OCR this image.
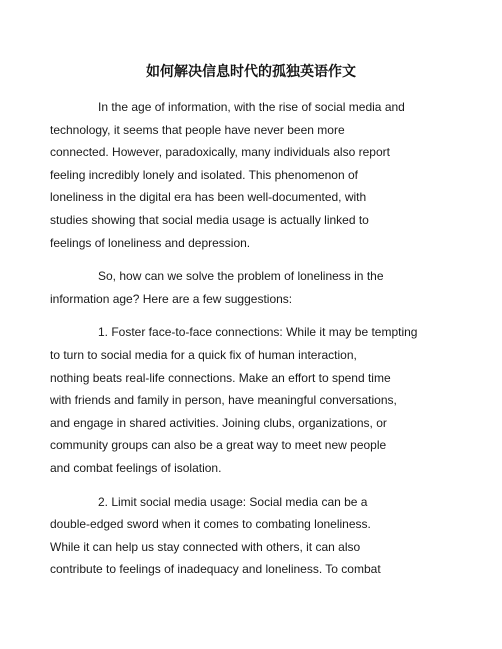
如何解决信息时代的孤独英语作文

In the age of information, with the rise of social media and
technology, it seems that people have never been more
connected. However, paradoxically, many individuals also report
feeling incredibly lonely and isolated. This phenomenon of
loneliness in the digital era has been well-documented, with
studies showing that social media usage is actually linked to
feelings of loneliness and depression.

So, how can we solve the problem of loneliness in the
information age? Here are a few suggestions:

1. Foster face-to-face connections: While it may be tempting
to turn to social media for a quick fix of human interaction,
nothing beats real-life connections. Make an effort to spend time
with friends and family in person, have meaningful conversations,
and engage in shared activities. Joining clubs, organizations, or
community groups can also be a great way to meet new people
and combat feelings of isolation.

2. Limit social media usage: Social media can be a
double-edged sword when it comes to combating loneliness.
While it can help us stay connected with others, it can also
contribute to feelings of inadequacy and loneliness. To combat
